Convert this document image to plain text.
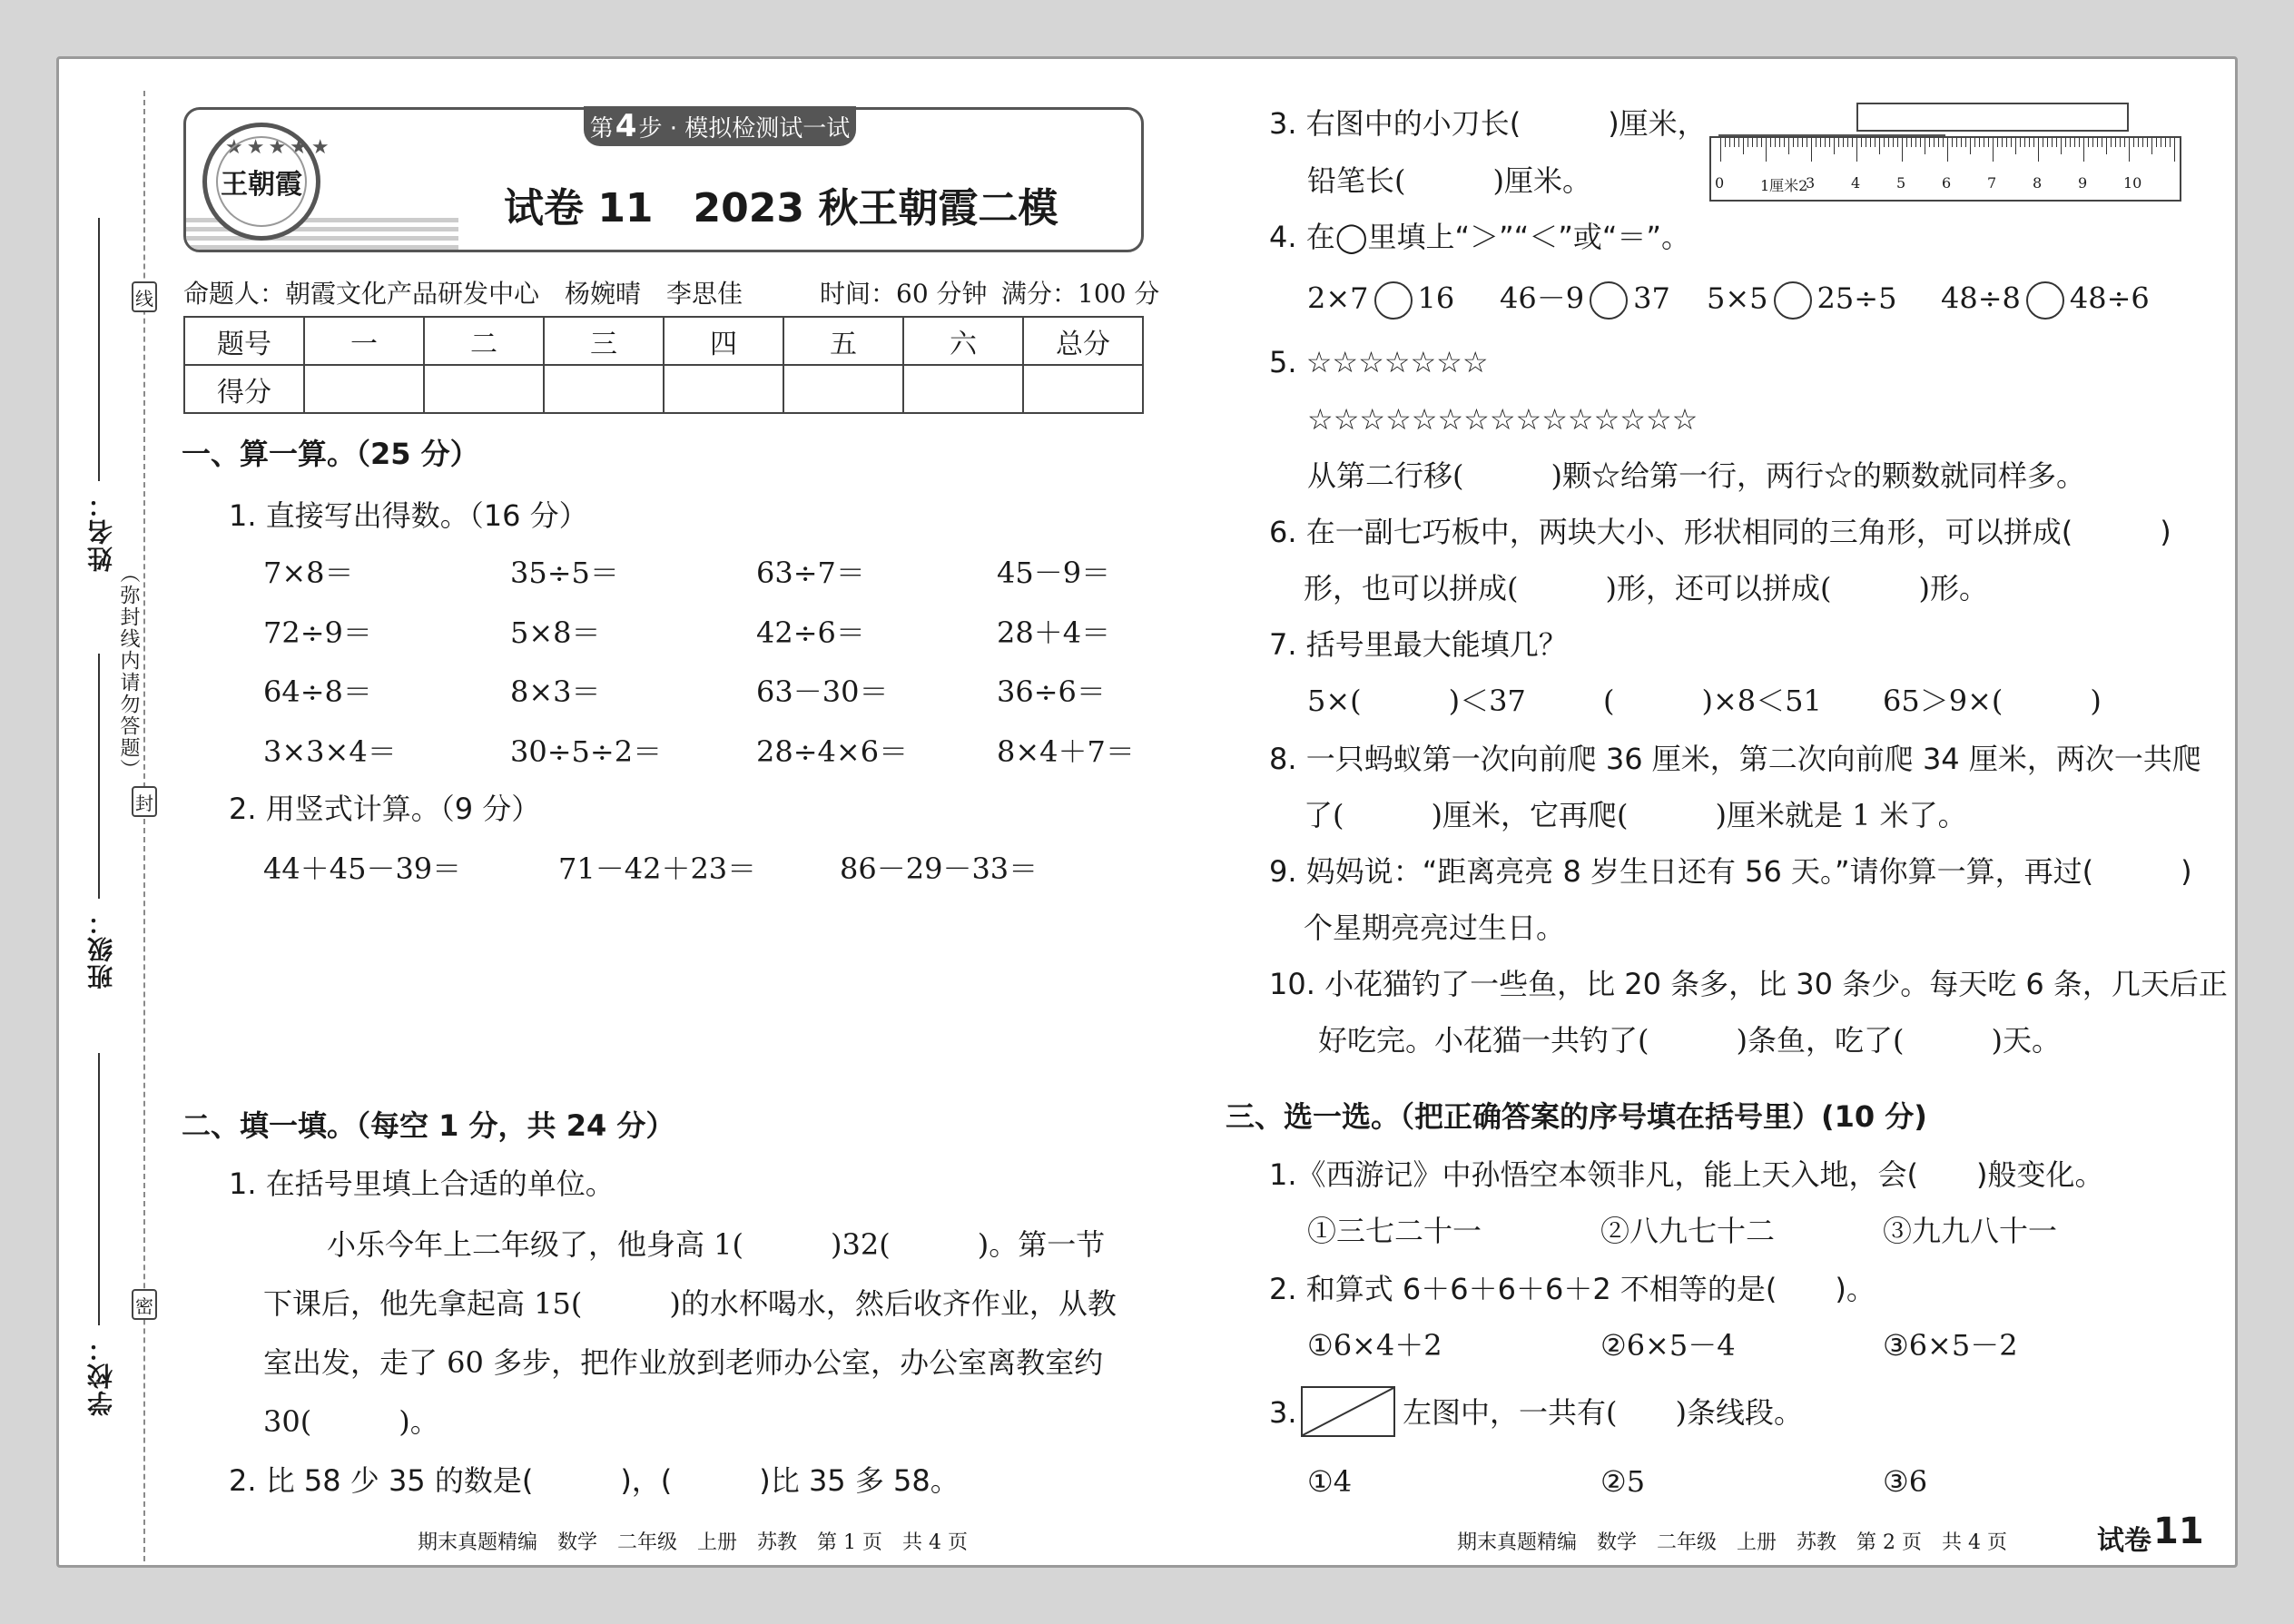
线
封
密
（弥封线内请勿答题）
姓名：
班级：
学校：
第 4 步 · 模拟检测试一试
★★★★★
王朝霞
试卷 11　2023 秋王朝霞二模
命题人：朝霞文化产品研发中心　杨婉晴　李思佳	时间：60 分钟 满分：100 分
题号	一	二	三	四	五	六	总分
得分							
一、算一算。（25 分）
1. 直接写出得数。（16 分）
7×8＝	35÷5＝	63÷7＝	45－9＝
72÷9＝	5×8＝	42÷6＝	28＋4＝
64÷8＝	8×3＝	63－30＝	36÷6＝
3×3×4＝	30÷5÷2＝	28÷4×6＝	8×4＋7＝
2. 用竖式计算。（9 分）
44＋45－39＝	71－42＋23＝	86－29－33＝
二、填一填。（每空 1 分，共 24 分）
1. 在括号里填上合适的单位。
小乐今年上二年级了，他身高 1(　　　)32(　　　)。第一节
下课后，他先拿起高 15(　　　)的水杯喝水，然后收齐作业，从教
室出发，走了 60 多步，把作业放到老师办公室，办公室离教室约
30(　　　)。
2. 比 58 少 35 的数是(　　　)，(　　　)比 35 多 58。
期末真题精编　数学　二年级　上册　苏教　第 1 页　共 4 页
3. 右图中的小刀长(　　　)厘米，
铅笔长(　　　)厘米。	0 1厘米2
3 4 5 6 7 8 9 10
4. 在◯里填上“＞”“＜”或“＝”。
2×7 16 46－9 37 5×5 25÷5 48÷8 48÷6
5. ☆☆☆☆☆☆☆
☆☆☆☆☆☆☆☆☆☆☆☆☆☆☆
从第二行移(　　　)颗☆给第一行，两行☆的颗数就同样多。
6. 在一副七巧板中，两块大小、形状相同的三角形，可以拼成(　　　)
形，也可以拼成(　　　)形，还可以拼成(　　　)形。
7. 括号里最大能填几？
5×(　　　)＜37	(　　　)×8＜51 65＞9×(　　　)
8. 一只蚂蚁第一次向前爬 36 厘米，第二次向前爬 34 厘米，两次一共爬
了(　　　)厘米，它再爬(　　　)厘米就是 1 米了。
9. 妈妈说：“距离亮亮 8 岁生日还有 56 天。”请你算一算，再过(　　　)
个星期亮亮过生日。
10. 小花猫钓了一些鱼，比 20 条多，比 30 条少。每天吃 6 条，几天后正
好吃完。小花猫一共钓了(　　　)条鱼，吃了(　　　)天。
三、选一选。（把正确答案的序号填在括号里）(10 分)
1.《西游记》中孙悟空本领非凡，能上天入地，会(　　)般变化。
①三七二十一	②八九七十二	③九九八十一
2. 和算式 6＋6＋6＋6＋2 不相等的是(　　)。
①6×4＋2	②6×5－4	③6×5－2
3.	左图中，一共有(　　)条线段。
①4	②5	③6
期末真题精编　数学　二年级　上册　苏教　第 2 页　共 4 页	试卷 11
